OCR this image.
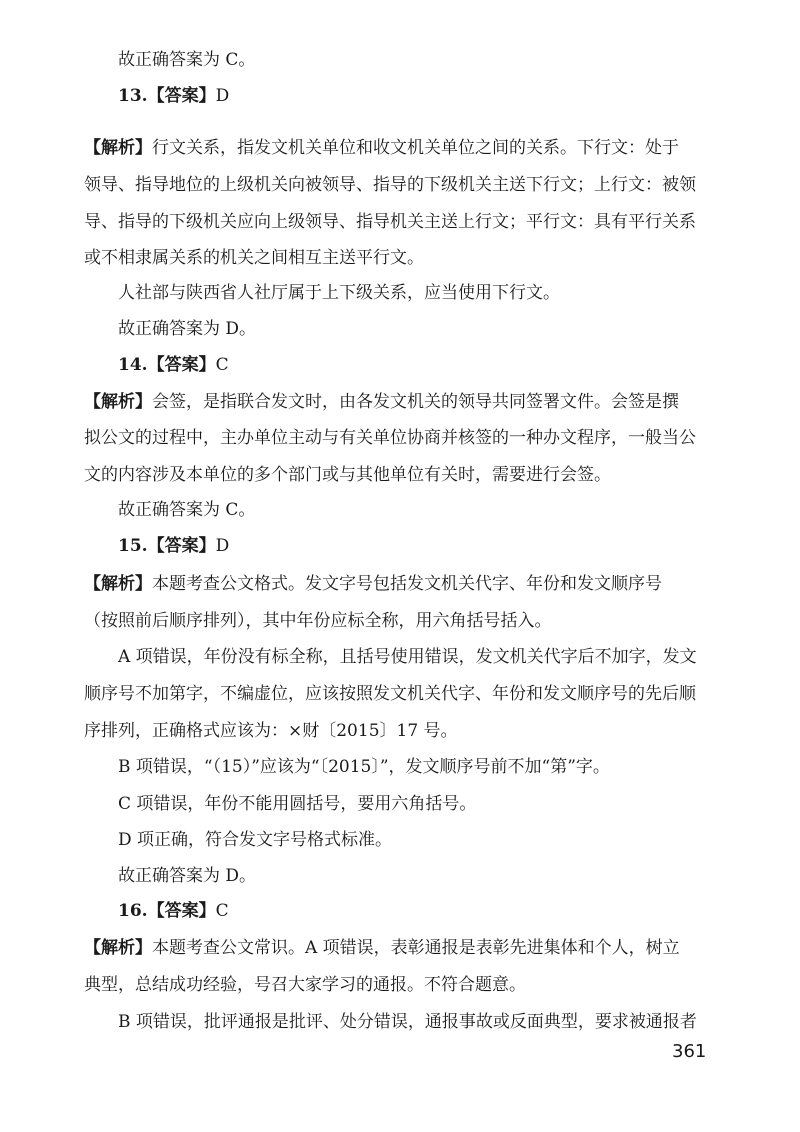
故正确答案为 C。
13.【答案】D
【解析】行文关系，指发文机关单位和收文机关单位之间的关系。下行文：处于
领导、指导地位的上级机关向被领导、指导的下级机关主送下行文；上行文：被领
导、指导的下级机关应向上级领导、指导机关主送上行文；平行文：具有平行关系
或不相隶属关系的机关之间相互主送平行文。
人社部与陕西省人社厅属于上下级关系，应当使用下行文。
故正确答案为 D。
14.【答案】C
【解析】会签，是指联合发文时，由各发文机关的领导共同签署文件。会签是撰
拟公文的过程中，主办单位主动与有关单位协商并核签的一种办文程序，一般当公
文的内容涉及本单位的多个部门或与其他单位有关时，需要进行会签。
故正确答案为 C。
15.【答案】D
【解析】本题考查公文格式。发文字号包括发文机关代字、年份和发文顺序号
（按照前后顺序排列），其中年份应标全称，用六角括号括入。
A 项错误，年份没有标全称，且括号使用错误，发文机关代字后不加字，发文
顺序号不加第字，不编虚位，应该按照发文机关代字、年份和发文顺序号的先后顺
序排列，正确格式应该为：×财〔2015〕17 号。
B 项错误，“（15）”应该为“〔2015〕”，发文顺序号前不加“第”字。
C 项错误，年份不能用圆括号，要用六角括号。
D 项正确，符合发文字号格式标准。
故正确答案为 D。
16.【答案】C
【解析】本题考查公文常识。A 项错误，表彰通报是表彰先进集体和个人，树立
典型，总结成功经验，号召大家学习的通报。不符合题意。
B 项错误，批评通报是批评、处分错误，通报事故或反面典型，要求被通报者
361
